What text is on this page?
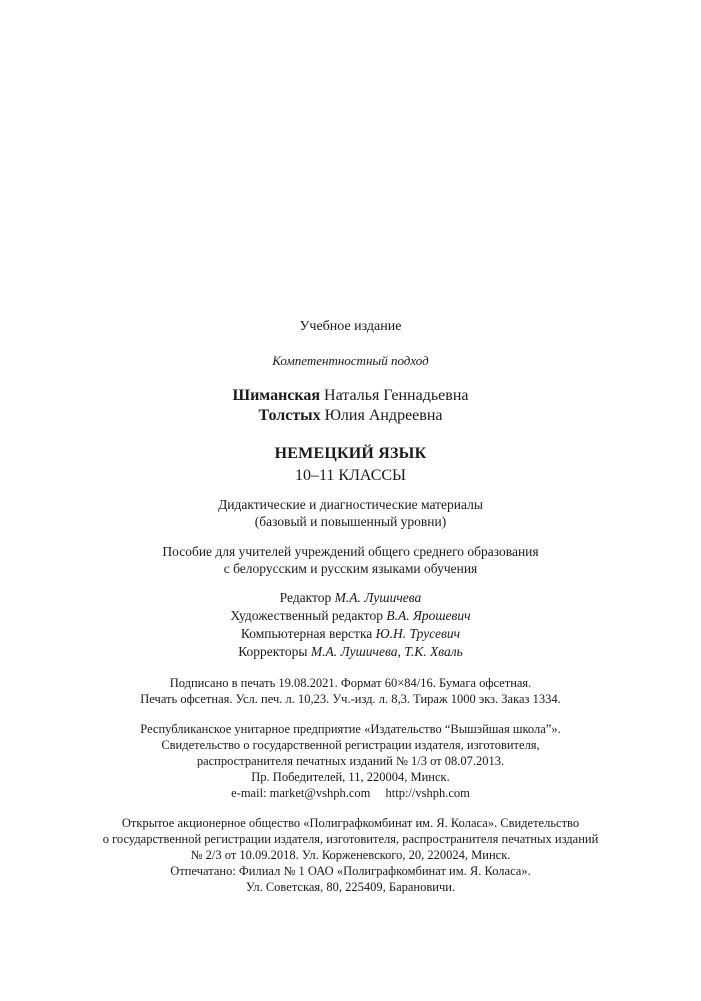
Учебное издание
Компетентностный подход
Шиманская Наталья Геннадьевна
Толстых Юлия Андреевна
НЕМЕЦКИЙ ЯЗЫК
10–11 КЛАССЫ
Дидактические и диагностические материалы
(базовый и повышенный уровни)
Пособие для учителей учреждений общего среднего образования
с белорусским и русским языками обучения
Редактор М.А. Лушичева
Художественный редактор В.А. Ярошевич
Компьютерная верстка Ю.Н. Трусевич
Корректоры М.А. Лушичева, Т.К. Хваль
Подписано в печать 19.08.2021. Формат 60×84/16. Бумага офсетная.
Печать офсетная. Усл. печ. л. 10,23. Уч.-изд. л. 8,3. Тираж 1000 экз. Заказ 1334.
Республиканское унитарное предприятие «Издательство “Вышэйшая школа”».
Свидетельство о государственной регистрации издателя, изготовителя,
распространителя печатных изданий № 1/3 от 08.07.2013.
Пр. Победителей, 11, 220004, Минск.
e-mail: market@vshph.com http://vshph.com
Открытое акционерное общество «Полиграфкомбинат им. Я. Коласа». Свидетельство
о государственной регистрации издателя, изготовителя, распространителя печатных изданий
№ 2/3 от 10.09.2018. Ул. Корженевского, 20, 220024, Минск.
Отпечатано: Филиал № 1 ОАО «Полиграфкомбинат им. Я. Коласа».
Ул. Советская, 80, 225409, Барановичи.
